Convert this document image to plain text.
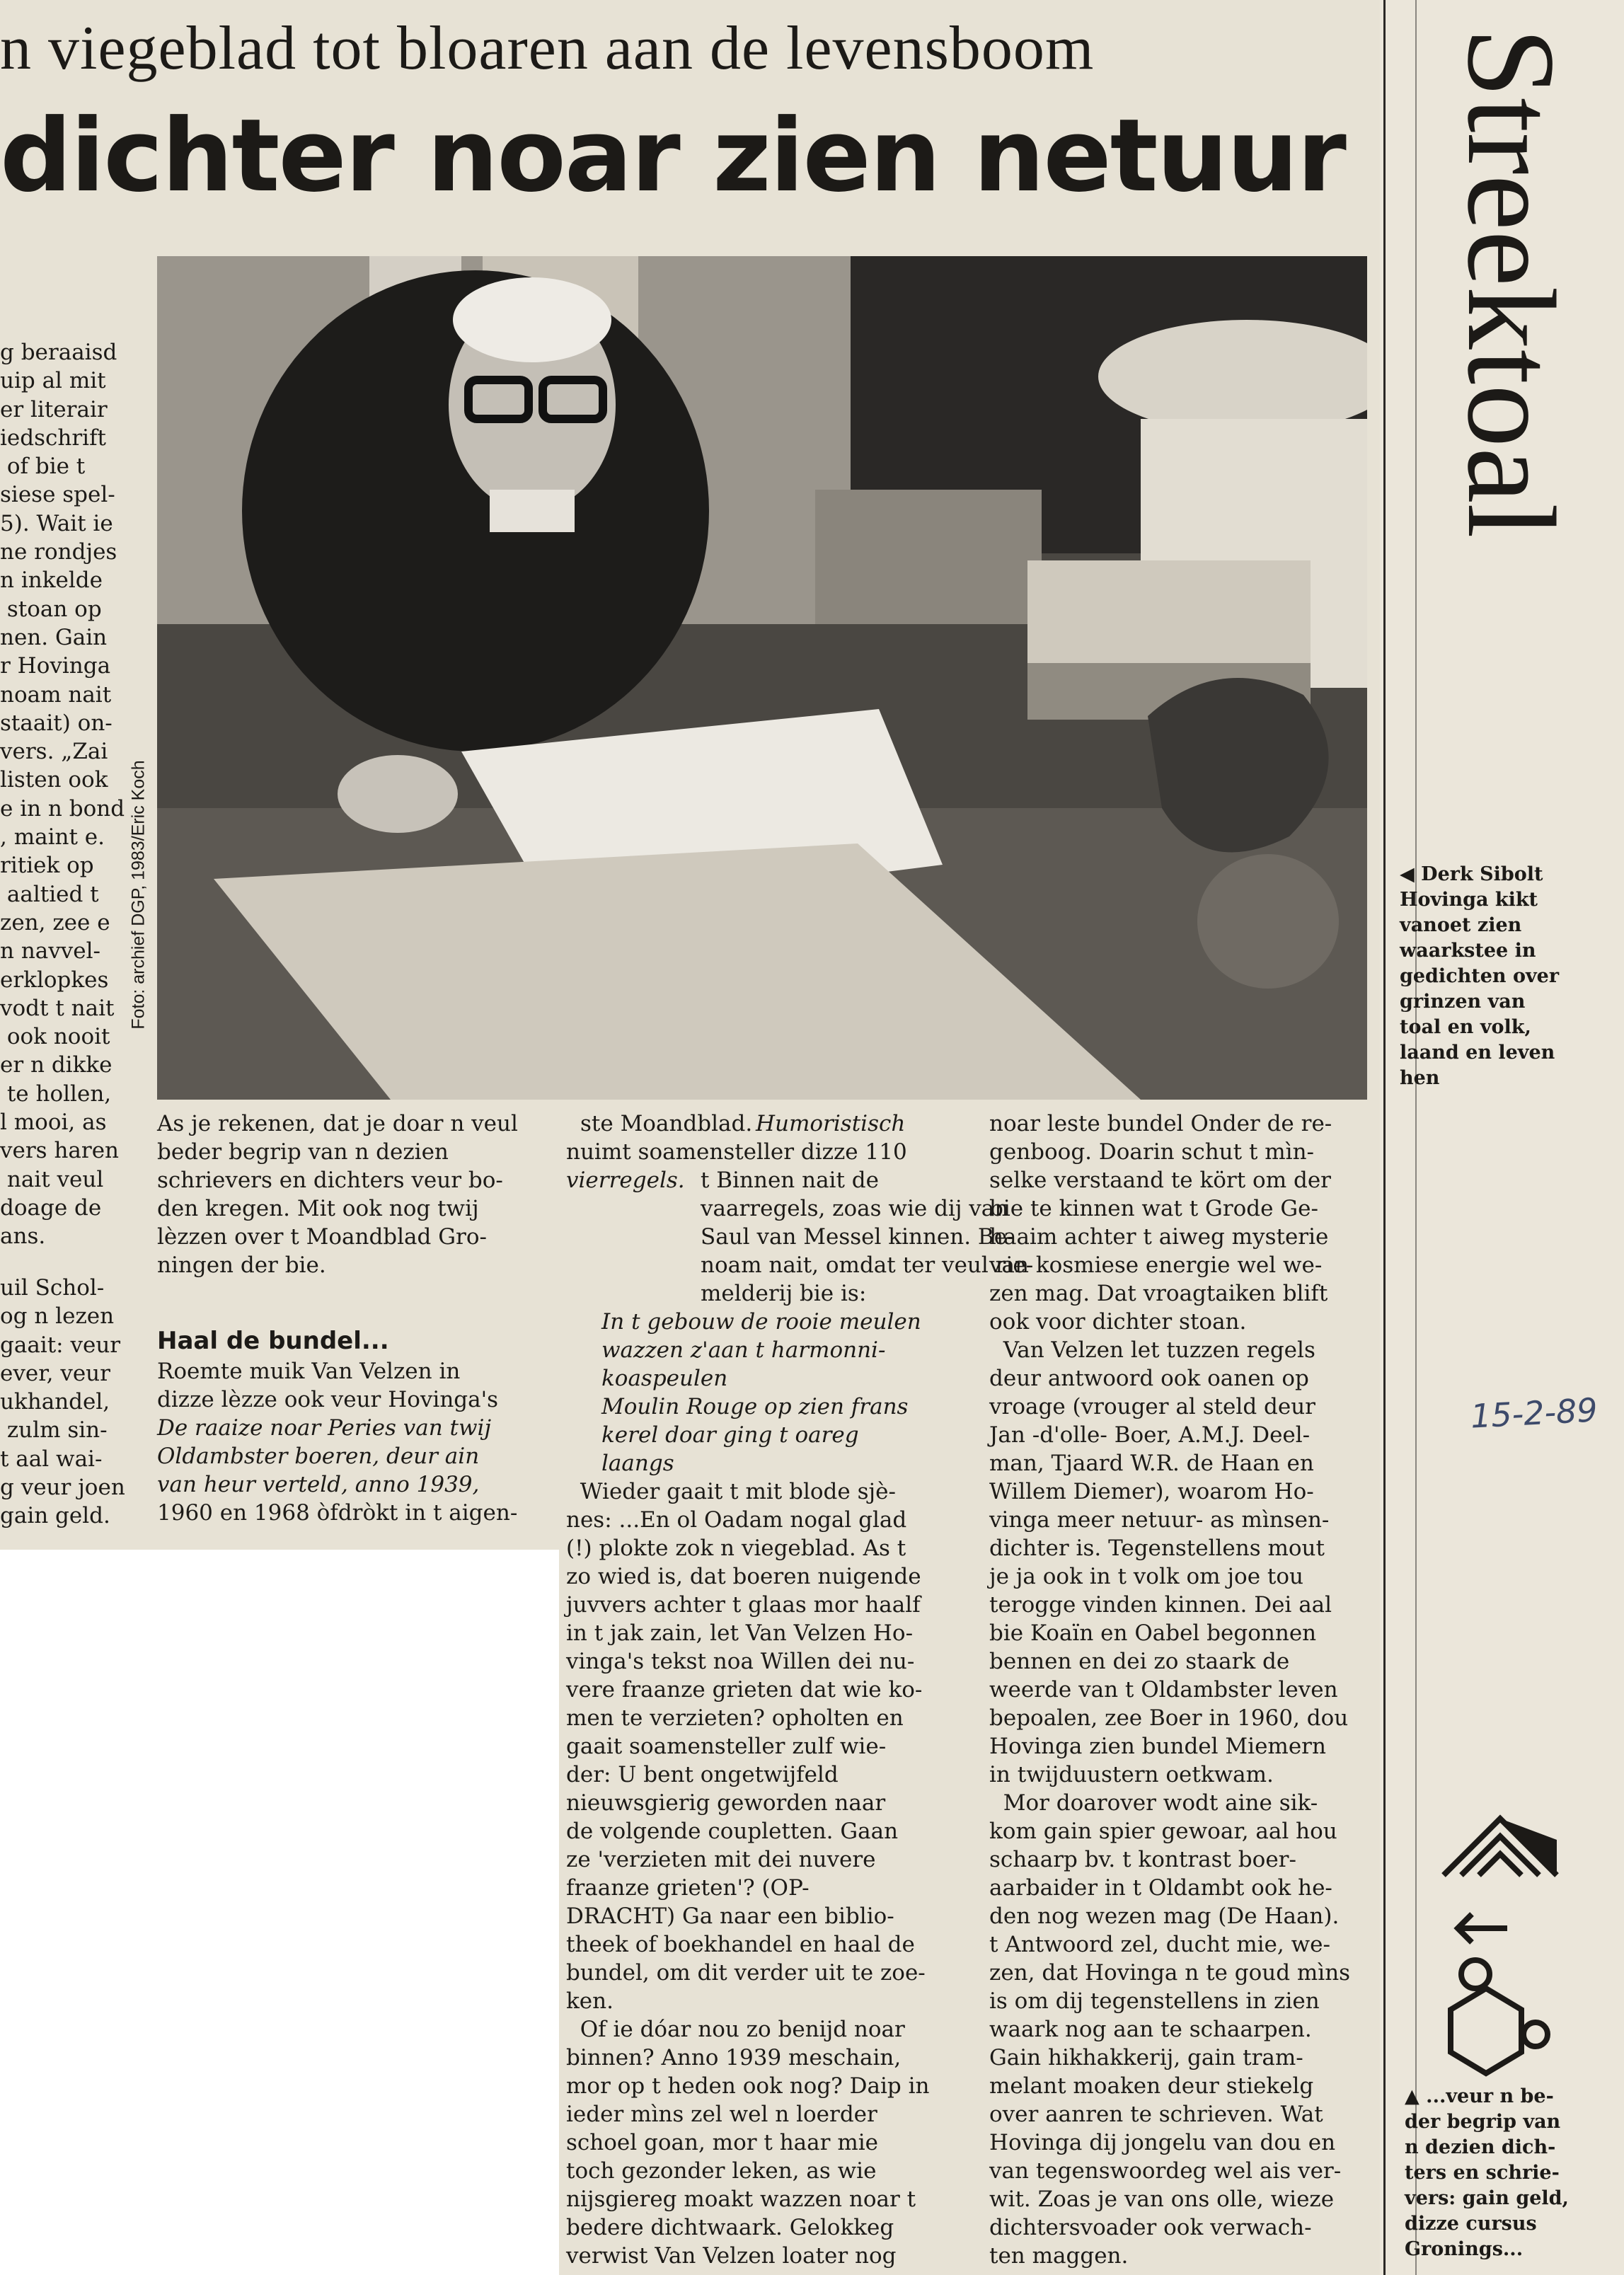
n viegeblad tot bloaren aan de levensboom
dichter noar zien netuur
Foto: archief DGP, 1983/Eric Koch
g beraaisd
uip al mit
er literair
iedschrift
of bie t
siese spel-
5). Wait ie
ne rondjes
n inkelde
stoan op
nen. Gain
r Hovinga
noam nait
staait) on-
vers. „Zai
listen ook
e in n bond
, maint e.
ritiek op
aaltied t
zen, zee e
n navvel-
erklopkes
vodt t nait
ook nooit
er n dikke
te hollen,
l mooi, as
vers haren
nait veul
doage de
ans.
uil Schol-
og n lezen
gaait: veur
ever, veur
ukhandel,
zulm sin-
t aal wai-
g veur joen
gain geld.
As je rekenen, dat je doar n veul
beder begrip van n dezien
schrievers en dichters veur bo-
den kregen. Mit ook nog twij
lèzzen over t Moandblad Gro-
ningen der bie.
Haal de bundel...
Roemte muik Van Velzen in
dizze lèzze ook veur Hovinga's
De raaize noar Peries van twij
Oldambster boeren, deur ain
van heur verteld, anno 1939,
1960 en 1968 òfdròkt in t aigen-
ste Moandblad. Humoristisch
nuimt soamensteller dizze 110
vierregels. t Binnen nait de
vaarregels, zoas wie dij van
Saul van Messel kinnen. Be-
noam nait, omdat ter veul rie-
melderij bie is:
In t gebouw de rooie meulen
wazzen z'aan t harmonni-
koaspeulen
Moulin Rouge op zien frans
kerel doar ging t oareg
laangs
Wieder gaait t mit blode sjè-
nes: ...En ol Oadam nogal glad
(!) plokte zok n viegeblad. As t
zo wied is, dat boeren nuigende
juvvers achter t glaas mor haalf
in t jak zain, let Van Velzen Ho-
vinga's tekst noa Willen dei nu-
vere fraanze grieten dat wie ko-
men te verzieten? opholten en
gaait soamensteller zulf wie-
der: U bent ongetwijfeld
nieuwsgierig geworden naar
de volgende coupletten. Gaan
ze 'verzieten mit dei nuvere
fraanze grieten'? (OP-
DRACHT) Ga naar een biblio-
theek of boekhandel en haal de
bundel, om dit verder uit te zoe-
ken.
Of ie dóar nou zo benijd noar
binnen? Anno 1939 meschain,
mor op t heden ook nog? Daip in
ieder mìns zel wel n loerder
schoel goan, mor t haar mie
toch gezonder leken, as wie
nijsgiereg moakt wazzen noar t
bedere dichtwaark. Gelokkeg
verwist Van Velzen loater nog
noar leste bundel Onder de re-
genboog. Doarin schut t mìn-
selke verstaand te kört om der
bie te kinnen wat t Grode Ge-
haaim achter t aiweg mysterie
van kosmiese energie wel we-
zen mag. Dat vroagtaiken blift
ook voor dichter stoan.
Van Velzen let tuzzen regels
deur antwoord ook oanen op
vroage (vrouger al steld deur
Jan -d'olle- Boer, A.M.J. Deel-
man, Tjaard W.R. de Haan en
Willem Diemer), woarom Ho-
vinga meer netuur- as mìnsen-
dichter is. Tegenstellens mout
je ja ook in t volk om joe tou
terogge vinden kinnen. Dei aal
bie Koaïn en Oabel begonnen
bennen en dei zo staark de
weerde van t Oldambster leven
bepoalen, zee Boer in 1960, dou
Hovinga zien bundel Miemern
in twijduustern oetkwam.
Mor doarover wodt aine sik-
kom gain spier gewoar, aal hou
schaarp bv. t kontrast boer-
aarbaider in t Oldambt ook he-
den nog wezen mag (De Haan).
t Antwoord zel, ducht mie, we-
zen, dat Hovinga n te goud mìns
is om dij tegenstellens in zien
waark nog aan te schaarpen.
Gain hikhakkerij, gain tram-
melant moaken deur stiekelg
over aanren te schrieven. Wat
Hovinga dij jongelu van dou en
van tegenswoordeg wel ais ver-
wit. Zoas je van ons olle, wieze
dichtersvoader ook verwach-
ten maggen.
Streektoal
◀ Derk Sibolt
Hovinga kikt
vanoet zien
waarkstee in
gedichten over
grinzen van
toal en volk,
laand en leven
hen
15-2-89
▲ ...veur n be-
der begrip van
n dezien dich-
ters en schrie-
vers: gain geld,
dizze cursus
Gronings...
